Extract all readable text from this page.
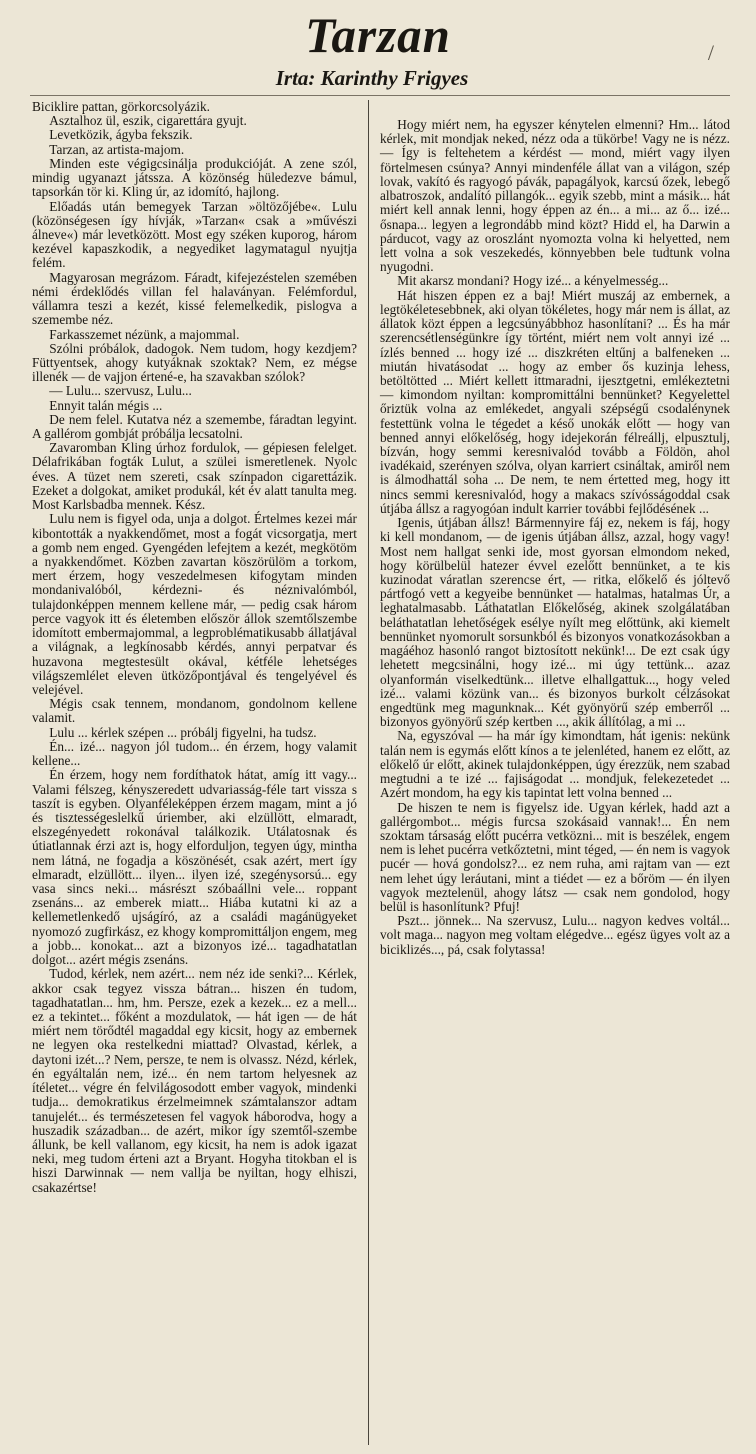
/
Tarzan
Irta: Karinthy Frigyes

Biciklire pattan, görkorcsolyázik.

Asztalhoz ül, eszik, cigarettára gyujt.

Levetközik, ágyba fekszik.

Tarzan, az artista-majom.

Minden este végigcsinálja produkcióját. A zene szól, mindig ugyanazt játssza. A közönség hüledezve bámul, tapsorkán tör ki. Kling úr, az idomító, hajlong.

Előadás után bemegyek Tarzan »öltözőjébe«. Lulu (közönségesen így hívják, »Tarzan« csak a »művészi álneve«) már levetközött. Most egy széken kuporog, három kezével kapaszkodik, a negyediket lagymatagul nyujtja felém.

Magyarosan megrázom. Fáradt, kifejezéstelen szemében némi érdeklődés villan fel halaványan. Felémfordul, vállamra teszi a kezét, kissé felemelkedik, pislogva a szemembe néz.

Farkasszemet nézünk, a majommal.

Szólni próbálok, dadogok. Nem tudom, hogy kezdjem? Füttyentsek, ahogy kutyáknak szoktak? Nem, ez mégse illenék — de vajjon értené-e, ha szavakban szólok?

— Lulu... szervusz, Lulu...

Ennyit talán mégis ...

De nem felel. Kutatva néz a szemembe, fáradtan legyint. A gallérom gombját próbálja lecsatolni.

Zavaromban Kling úrhoz fordulok, — gépiesen felelget. Délafrikában fogták Lulut, a szülei ismeretlenek. Nyolc éves. A tüzet nem szereti, csak színpadon cigarettázik. Ezeket a dolgokat, amiket produkál, két év alatt tanulta meg. Most Karlsbadba mennek. Kész.

Lulu nem is figyel oda, unja a dolgot. Értelmes kezei már kibontották a nyakkendőmet, most a fogát vicsorgatja, mert a gomb nem enged. Gyengéden lefejtem a kezét, megkötöm a nyakkendőmet. Közben zavartan köszörülöm a torkom, mert érzem, hogy veszedelmesen kifogytam minden mondanivalóból, kérdezni- és néznivalómból, tulajdonképpen mennem kellene már, — pedig csak három perce vagyok itt és életemben először állok szemtőlszembe idomított embermajommal, a legproblématikusabb állatjával a világnak, a legkínosabb kérdés, annyi perpatvar és huzavona megtestesült okával, kétféle lehetséges világszemlélet eleven ütközőpontjával és tengelyével és velejével.

Mégis csak tennem, mondanom, gondolnom kellene valamit.

Lulu ... kérlek szépen ... próbálj figyelni, ha tudsz.

Én... izé... nagyon jól tudom... én érzem, hogy valamit kellene...

Én érzem, hogy nem fordíthatok hátat, amíg itt vagy... Valami félszeg, kényszeredett udvariasság-féle tart vissza s taszít is egyben. Olyanféleképpen érzem magam, mint a jó és tisztességeslelkű úriember, aki elzüllött, elmaradt, elszegényedett rokonával találkozik. Utálatosnak és útiatlannak érzi azt is, hogy elforduljon, tegyen úgy, mintha nem látná, ne fogadja a köszönését, csak azért, mert így elmaradt, elzüllött... ilyen... ilyen izé, szegénysorsú... egy vasa sincs neki... másrészt szóbaállni vele... roppant zsenáns... az emberek miatt... Hiába kutatni ki az a kellemetlenkedő ujságíró, az a családi magánügyeket nyomozó zugfirkász, ez khogy kompromittáljon engem, meg a jobb... konokat... azt a bizonyos izé... tagadhatatlan dolgot... azért mégis zsenáns.

Tudod, kérlek, nem azért... nem néz ide senki?... Kérlek, akkor csak tegyez vissza bátran... hiszen én tudom, tagadhatatlan... hm, hm. Persze, ezek a kezek... ez a mell... ez a tekintet... főként a mozdulatok, — hát igen — de hát miért nem törődtél magaddal egy kicsit, hogy az embernek ne legyen oka restelkedni miattad? Olvastad, kérlek, a daytoni izét...? Nem, persze, te nem is olvassz. Nézd, kérlek, én egyáltalán nem, izé... én nem tartom helyesnek az ítéletet... végre én felvilágosodott ember vagyok, mindenki tudja... demokratikus érzelmeimnek számtalanszor adtam tanujelét... és természetesen fel vagyok háborodva, hogy a huszadik században... de azért, mikor így szemtől-szembe állunk, be kell vallanom, egy kicsit, ha nem is adok igazat neki, meg tudom érteni azt a Bryant. Hogyha titokban el is hiszi Darwinnak — nem vallja be nyiltan, hogy elhiszi, csakazértse!

Hogy miért nem, ha egyszer kénytelen elmenni? Hm... látod kérlek, mit mondjak neked, nézz oda a tükörbe! Vagy ne is nézz. — Így is feltehetem a kérdést — mond, miért vagy ilyen förtelmesen csúnya? Annyi mindenféle állat van a világon, szép lovak, vakító és ragyogó pávák, papagályok, karcsú őzek, lebegő albatroszok, andalító pillangók... egyik szebb, mint a másik... hát miért kell annak lenni, hogy éppen az én... a mi... az ő... izé... ősnapa... legyen a legrondább mind közt? Hidd el, ha Darwin a párducot, vagy az oroszlánt nyomozta volna ki helyetted, nem lett volna a sok veszekedés, könnyebben bele tudtunk volna nyugodni.

Mit akarsz mondani? Hogy izé... a kényelmesség...

Hát hiszen éppen ez a baj! Miért muszáj az embernek, a legtökéletesebbnek, aki olyan tökéletes, hogy már nem is állat, az állatok közt éppen a legcsúnyábbhoz hasonlítani? ... És ha már szerencsétlenségünkre így történt, miért nem volt annyi izé ... ízlés benned ... hogy izé ... diszkréten eltűnj a balfeneken ... miután hivatásodat ... hogy az ember ős kuzinja lehess, betöltötted ... Miért kellett ittmaradni, ijesztgetni, emlékeztetni — kimondom nyiltan: kompromittálni bennünket? Kegyelettel őriztük volna az emlékedet, angyali szépségű csodalénynek festettünk volna le tégedet a késő unokák előtt — hogy van benned annyi előkelőség, hogy idejekorán félreállj, elpusztulj, bízván, hogy semmi keresnivalód tovább a Földön, ahol ivadékaid, szerényen szólva, olyan karriert csináltak, amiről nem is álmodhattál soha ... De nem, te nem értetted meg, hogy itt nincs semmi keresnivalód, hogy a makacs szívósságoddal csak útjába állsz a ragyogóan indult karrier további fejlődésének ...

Igenis, útjában állsz! Bármennyire fáj ez, nekem is fáj, hogy ki kell mondanom, — de igenis útjában állsz, azzal, hogy vagy! Most nem hallgat senki ide, most gyorsan elmondom neked, hogy körülbelül hatezer évvel ezelőtt bennünket, a te kis kuzinodat váratlan szerencse ért, — ritka, előkelő és jóltevő pártfogó vett a kegyeibe bennünket — hatalmas, hatalmas Úr, a leghatalmasabb. Láthatatlan Előkelőség, akinek szolgálatában beláthatatlan lehetőségek esélye nyílt meg előttünk, aki kiemelt bennünket nyomorult sorsunkból és bizonyos vonatkozásokban a magáéhoz hasonló rangot biztosított nekünk!... De ezt csak úgy lehetett megcsinálni, hogy izé... mi úgy tettünk... azaz olyanformán viselkedtünk... illetve elhallgattuk..., hogy veled izé... valami közünk van... és bizonyos burkolt célzásokat engedtünk meg magunknak... Két gyönyörű szép emberről ... bizonyos gyönyörű szép kertben ..., akik állítólag, a mi ...

Na, egyszóval — ha már így kimondtam, hát igenis: nekünk talán nem is egymás előtt kínos a te jelenléted, hanem ez előtt, az előkelő úr előtt, akinek tulajdonképpen, úgy érezzük, nem szabad megtudni a te izé ... fajiságodat ... mondjuk, felekezetedet ... Azért mondom, ha egy kis tapintat lett volna benned ...

De hiszen te nem is figyelsz ide. Ugyan kérlek, hadd azt a gallérgombot... mégis furcsa szokásaid vannak!... Én nem szoktam társaság előtt pucérra vetközni... mit is beszélek, engem nem is lehet pucérra vetkőztetni, mint téged, — én nem is vagyok pucér — hová gondolsz?... ez nem ruha, ami rajtam van — ezt nem lehet úgy leráutani, mint a tiédet — ez a bőröm — én ilyen vagyok meztelenül, ahogy látsz — csak nem gondolod, hogy belül is hasonlítunk? Pfuj!

Pszt... jönnek... Na szervusz, Lulu... nagyon kedves voltál... volt maga... nagyon meg voltam elégedve... egész ügyes volt az a biciklizés..., pá, csak folytassa!
